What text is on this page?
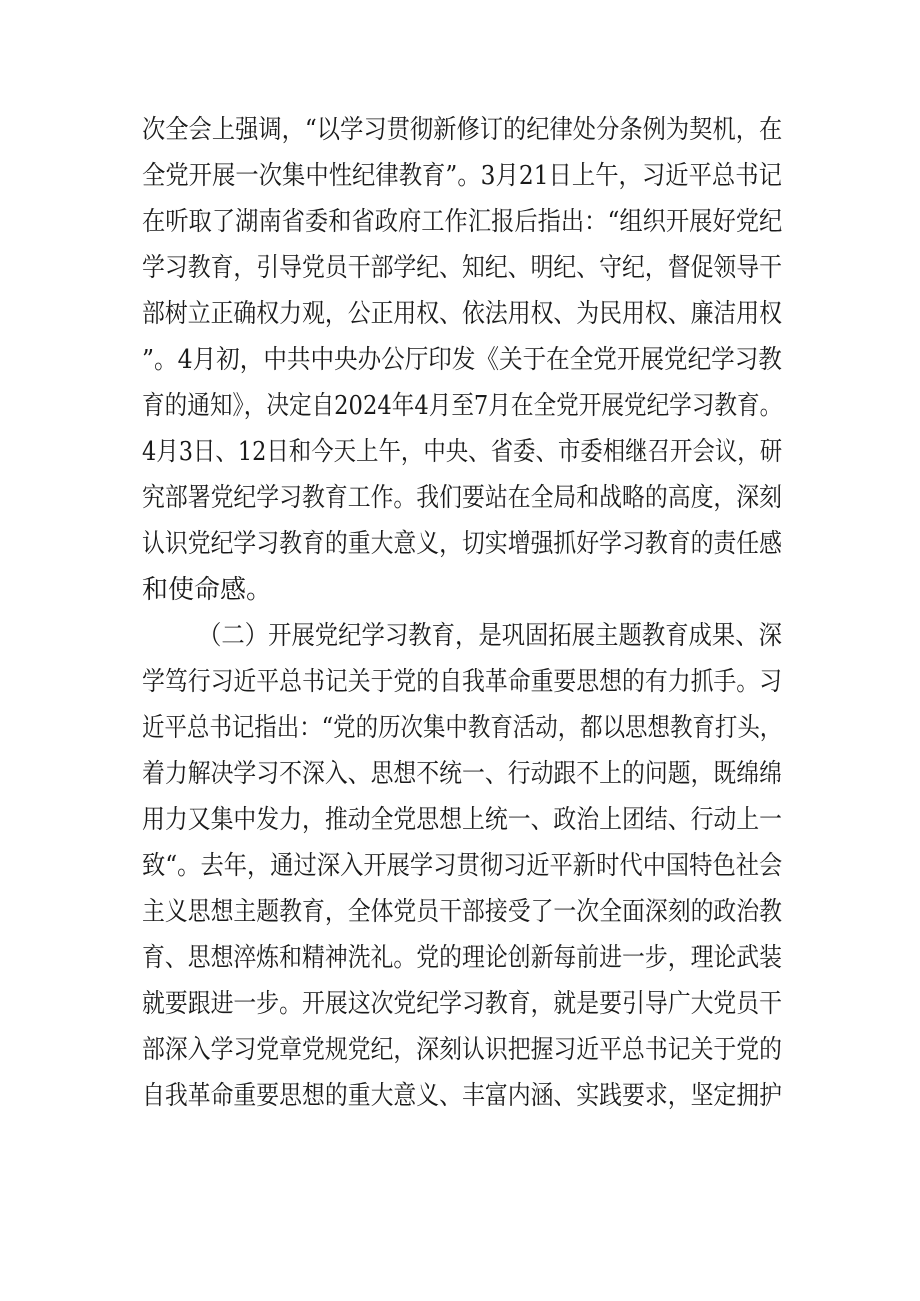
次全会上强调，“以学习贯彻新修订的纪律处分条例为契机，在
全党开展一次集中性纪律教育”。3月21日上午，习近平总书记
在听取了湖南省委和省政府工作汇报后指出：“组织开展好党纪
学习教育，引导党员干部学纪、知纪、明纪、守纪，督促领导干
部树立正确权力观，公正用权、依法用权、为民用权、廉洁用权
”。4月初，中共中央办公厅印发《关于在全党开展党纪学习教
育的通知》，决定自2024年4月至7月在全党开展党纪学习教育。
4月3日、12日和今天上午，中央、省委、市委相继召开会议，研
究部署党纪学习教育工作。我们要站在全局和战略的高度，深刻
认识党纪学习教育的重大意义，切实增强抓好学习教育的责任感
和使命感。
（二）开展党纪学习教育，是巩固拓展主题教育成果、深
学笃行习近平总书记关于党的自我革命重要思想的有力抓手。习
近平总书记指出：“党的历次集中教育活动，都以思想教育打头，
着力解决学习不深入、思想不统一、行动跟不上的问题，既绵绵
用力又集中发力，推动全党思想上统一、政治上团结、行动上一
致“。去年，通过深入开展学习贯彻习近平新时代中国特色社会
主义思想主题教育，全体党员干部接受了一次全面深刻的政治教
育、思想淬炼和精神洗礼。党的理论创新每前进一步，理论武装
就要跟进一步。开展这次党纪学习教育，就是要引导广大党员干
部深入学习党章党规党纪，深刻认识把握习近平总书记关于党的
自我革命重要思想的重大意义、丰富内涵、实践要求，坚定拥护
